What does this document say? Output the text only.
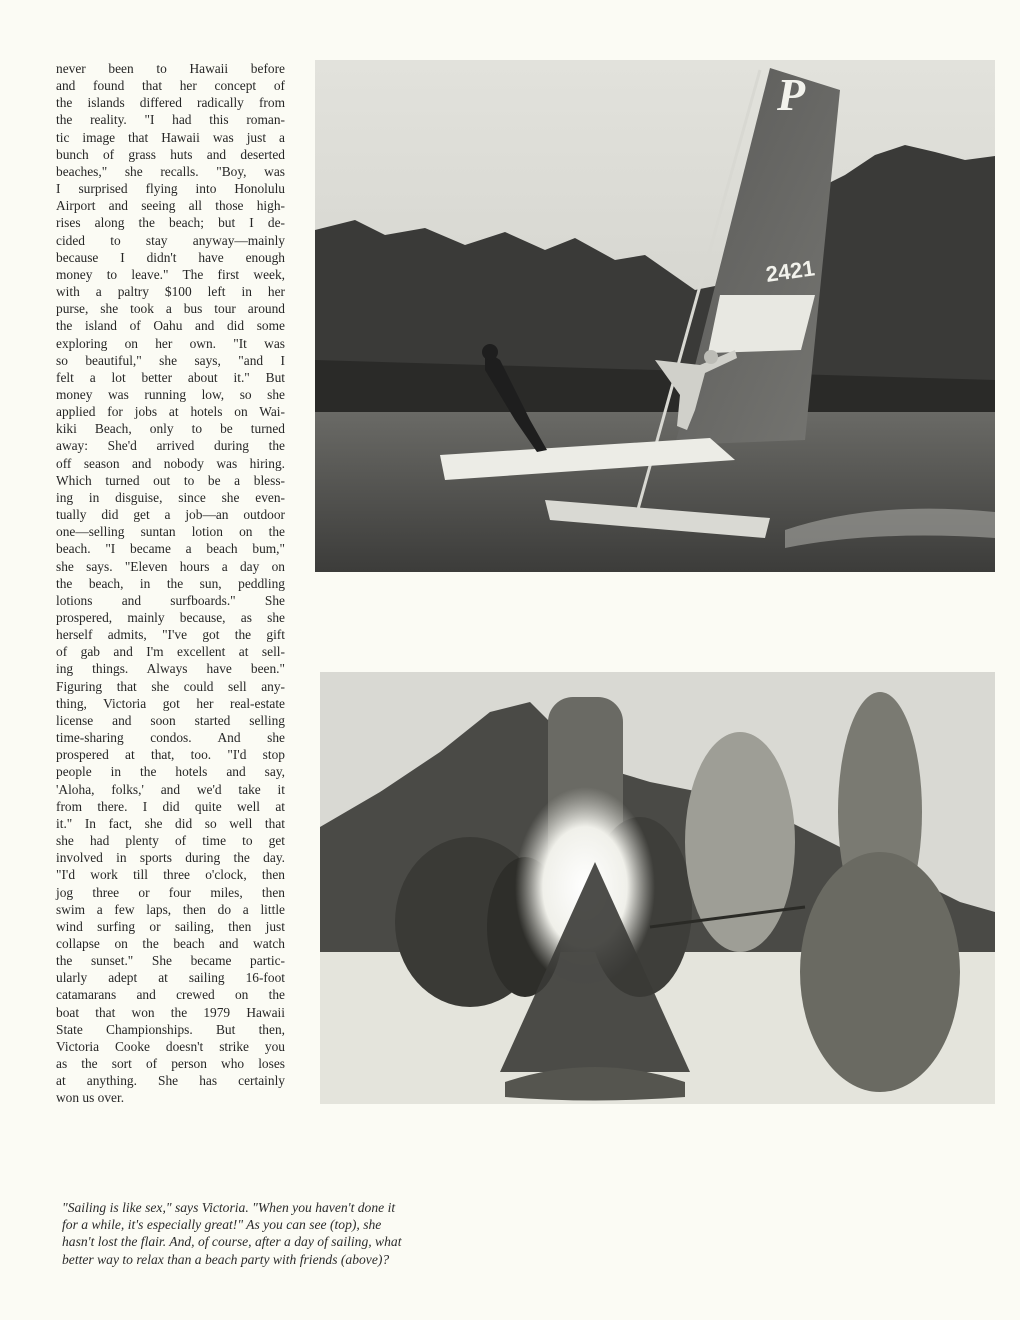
never been to Hawaii before
and found that her concept of
the islands differed radically from
the reality. "I had this roman-
tic image that Hawaii was just a
bunch of grass huts and deserted
beaches," she recalls. "Boy, was
I surprised flying into Honolulu
Airport and seeing all those high-
rises along the beach; but I de-
cided to stay anyway—mainly
because I didn't have enough
money to leave." The first week,
with a paltry $100 left in her
purse, she took a bus tour around
the island of Oahu and did some
exploring on her own. "It was
so beautiful," she says, "and I
felt a lot better about it." But
money was running low, so she
applied for jobs at hotels on Wai-
kiki Beach, only to be turned
away: She'd arrived during the
off season and nobody was hiring.
Which turned out to be a bless-
ing in disguise, since she even-
tually did get a job—an outdoor
one—selling suntan lotion on the
beach. "I became a beach bum,"
she says. "Eleven hours a day on
the beach, in the sun, peddling
lotions and surfboards." She
prospered, mainly because, as she
herself admits, "I've got the gift
of gab and I'm excellent at sell-
ing things. Always have been."
Figuring that she could sell any-
thing, Victoria got her real-estate
license and soon started selling
time-sharing condos. And she
prospered at that, too. "I'd stop
people in the hotels and say,
'Aloha, folks,' and we'd take it
from there. I did quite well at
it." In fact, she did so well that
she had plenty of time to get
involved in sports during the day.
"I'd work till three o'clock, then
jog three or four miles, then
swim a few laps, then do a little
wind surfing or sailing, then just
collapse on the beach and watch
the sunset." She became partic-
ularly adept at sailing 16-foot
catamarans and crewed on the
boat that won the 1979 Hawaii
State Championships. But then,
Victoria Cooke doesn't strike you
as the sort of person who loses
at anything. She has certainly
won us over.
P
2421
"Sailing is like sex," says Victoria. "When you haven't done it
for a while, it's especially great!" As you can see (top), she
hasn't lost the flair. And, of course, after a day of sailing, what
better way to relax than a beach party with friends (above)?
